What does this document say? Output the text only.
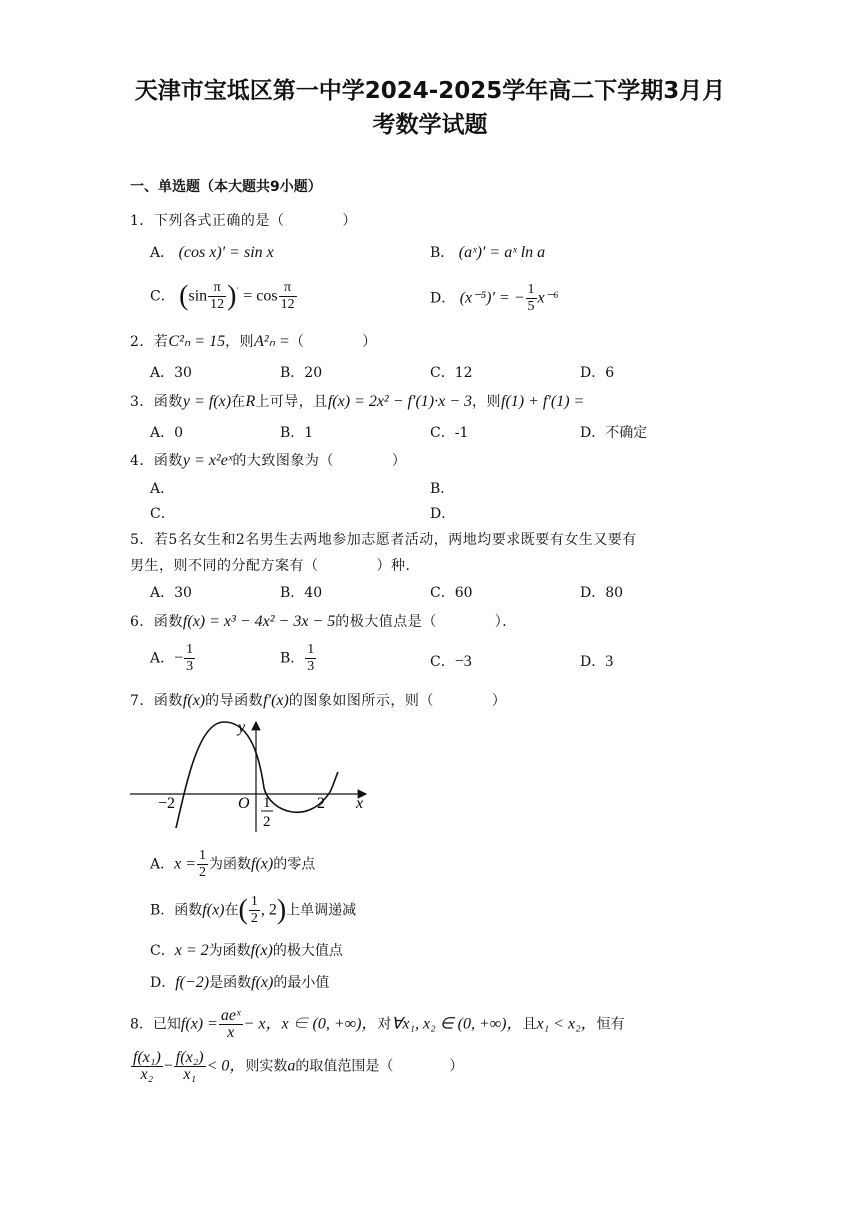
天津市宝坻区第一中学2024-2025学年高二下学期3月月
考数学试题
一、单选题（本大题共9小题）
1．下列各式正确的是（　　　　）
A． (cos x)′ = sin x	B． (aˣ)′ = aˣ ln a
C． $(\sin \frac{\pi}{12} )' = \cos \frac{\pi}{12}$	D． (x⁻⁵)′ = − $\frac{1}{5} x^{-6}$
2．若C²ₙ = 15，则A²ₙ =（　　　　）
A．30	B．20	C．12	D．6
3．函数y = f(x)在R上可导，且f(x) = 2x² − f′(1)·x − 3，则f(1) + f′(1) =
A．0	B．1	C．-1	D．不确定
4．函数y = x²eˣ的大致图象为（　　　　）
A．	B．
C．	D．
5．若5名女生和2名男生去两地参加志愿者活动，两地均要求既要有女生又要有
男生，则不同的分配方案有（　　　　）种．
A．30	B．40	C．60	D．80
6．函数f(x) = x³ − 4x² − 3x − 5的极大值点是（　　　　）．
A．− $\frac{1}{3}$	B． $\frac{1}{3}$	C．−3	D．3
7．函数f(x)的导函数f′(x)的图象如图所示，则（　　　　）
y
x
O
−2	1
2
2
A．$x = \frac{1}{2}$ 为函数f(x)的零点
B．函数f(x)在( $\frac{1}{2}$ , 2)上单调递减
C．x = 2为函数f(x)的极大值点
D．f(−2)是函数f(x)的最小值
8．已知$f(x) = \frac{\text{aeˣ}}{x} - x$，x ∈ (0, +∞)，对∀x₁, x₂ ∈ (0, +∞)，且x₁ < x₂，恒有
$\frac{\text{f(x₁)}}{\text{x₂}} - \frac{\text{f(x₂)}}{\text{x₁}} < 0$，则实数a的取值范围是（　　　　）
